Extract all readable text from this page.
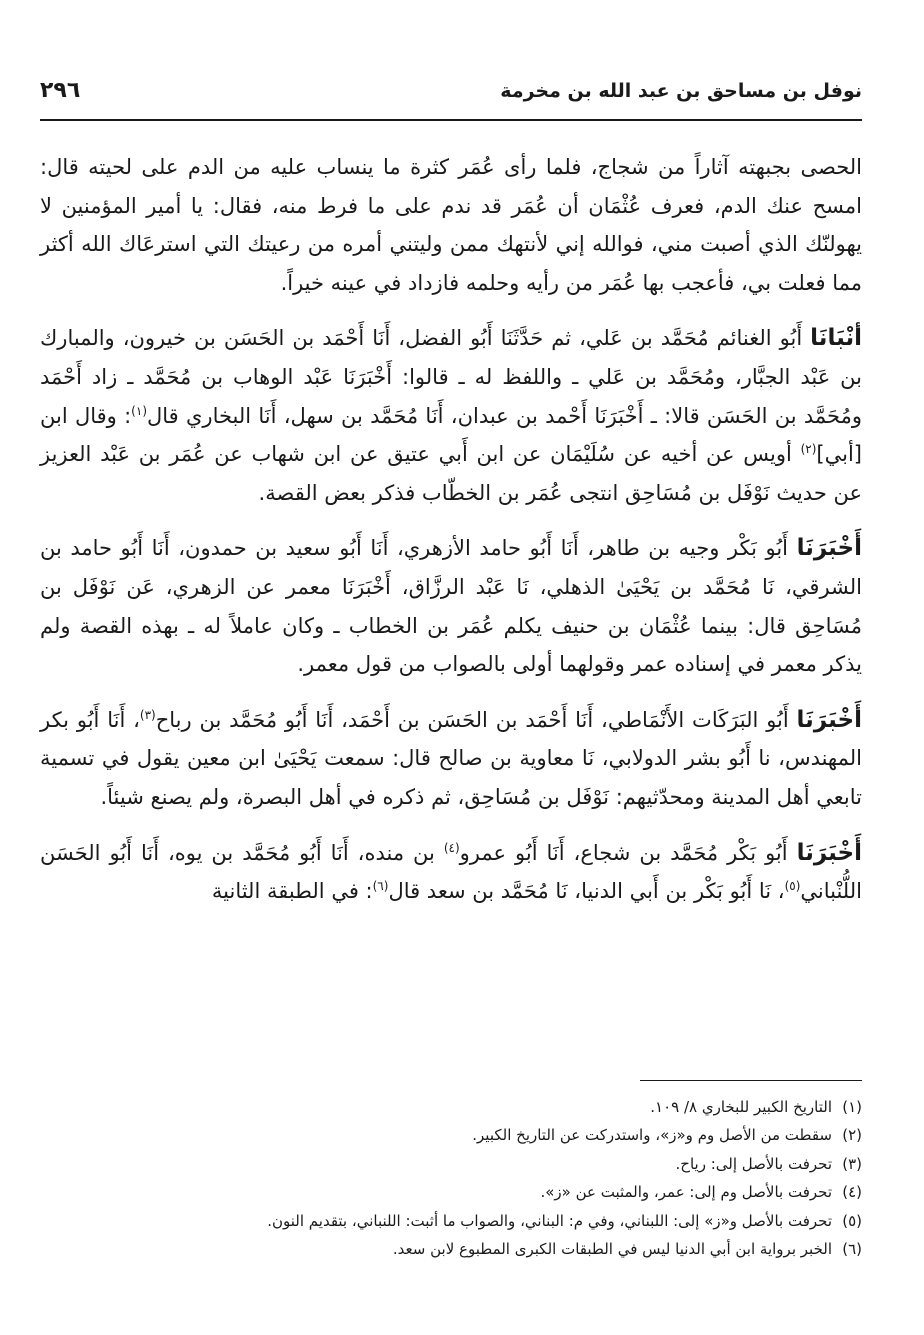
نوفل بن مساحق بن عبد الله بن مخرمة
٢٩٦

الحصى بجبهته آثاراً من شجاج، فلما رأى عُمَر كثرة ما ينساب عليه من الدم على لحيته قال: امسح عنك الدم، فعرف عُثْمَان أن عُمَر قد ندم على ما فرط منه، فقال: يا أمير المؤمنين لا يهولنّك الذي أصبت مني، فوالله إني لأنتهك ممن وليتني أمره من رعيتك التي استرعَاك الله أكثر مما فعلت بي، فأعجب بها عُمَر من رأيه وحلمه فازداد في عينه خيراً.

أنْبَانَا أَبُو الغنائم مُحَمَّد بن عَلي، ثم حَدَّثَنَا أَبُو الفضل، أَنَا أَحْمَد بن الحَسَن بن خيرون، والمبارك بن عَبْد الجبَّار، ومُحَمَّد بن عَلي ـ واللفظ له ـ قالوا: أَخْبَرَنَا عَبْد الوهاب بن مُحَمَّد ـ زاد أَحْمَد ومُحَمَّد بن الحَسَن قالا: ـ أَخْبَرَنَا أَحْمد بن عبدان، أَنَا مُحَمَّد بن سهل، أَنَا البخاري قال$^{(١)}$: وقال ابن [أبي]$^{(٢)}$ أويس عن أخيه عن سُلَيْمَان عن ابن أَبي عتيق عن ابن شهاب عن عُمَر بن عَبْد العزيز عن حديث نَوْفَل بن مُسَاحِق انتجى عُمَر بن الخطّاب فذكر بعض القصة.

أَخْبَرَنَا أَبُو بَكْر وجيه بن طاهر، أَنَا أَبُو حامد الأزهري، أَنَا أَبُو سعيد بن حمدون، أَنَا أَبُو حامد بن الشرقي، نَا مُحَمَّد بن يَحْيَىٰ الذهلي، نَا عَبْد الرزَّاق، أَخْبَرَنَا معمر عن الزهري، عَن نَوْفَل بن مُسَاحِق قال: بينما عُثْمَان بن حنيف يكلم عُمَر بن الخطاب ـ وكان عاملاً له ـ بهذه القصة ولم يذكر معمر في إسناده عمر وقولهما أولى بالصواب من قول معمر.

أَخْبَرَنَا أَبُو البَرَكَات الأَنْمَاطي، أَنَا أَحْمَد بن الحَسَن بن أَحْمَد، أَنَا أَبُو مُحَمَّد بن رباح$^{(٣)}$، أَنَا أَبُو بكر المهندس، نا أَبُو بشر الدولابي، نَا معاوية بن صالح قال: سمعت يَحْيَىٰ ابن معين يقول في تسمية تابعي أهل المدينة ومحدّثيهم: نَوْفَل بن مُسَاحِق، ثم ذكره في أهل البصرة، ولم يصنع شيئاً.

أَخْبَرَنَا أَبُو بَكْر مُحَمَّد بن شجاع، أَنَا أَبُو عمرو$^{(٤)}$ بن منده، أَنَا أَبُو مُحَمَّد بن يوه، أَنَا أَبُو الحَسَن اللُّنْباني$^{(٥)}$، نَا أَبُو بَكْر بن أَبي الدنيا، نَا مُحَمَّد بن سعد قال$^{(٦)}$: في الطبقة الثانية

(١)التاريخ الكبير للبخاري ٨/ ١٠٩.
(٢)سقطت من الأصل وم و«ز»، واستدركت عن التاريخ الكبير.
(٣)تحرفت بالأصل إلى: رياح.
(٤)تحرفت بالأصل وم إلى: عمر، والمثبت عن «ز».
(٥)تحرفت بالأصل و«ز» إلى: اللبناني، وفي م: البناني، والصواب ما أثبت: اللنباني، بتقديم النون.
(٦)الخبر برواية ابن أبي الدنيا ليس في الطبقات الكبرى المطبوع لابن سعد.
